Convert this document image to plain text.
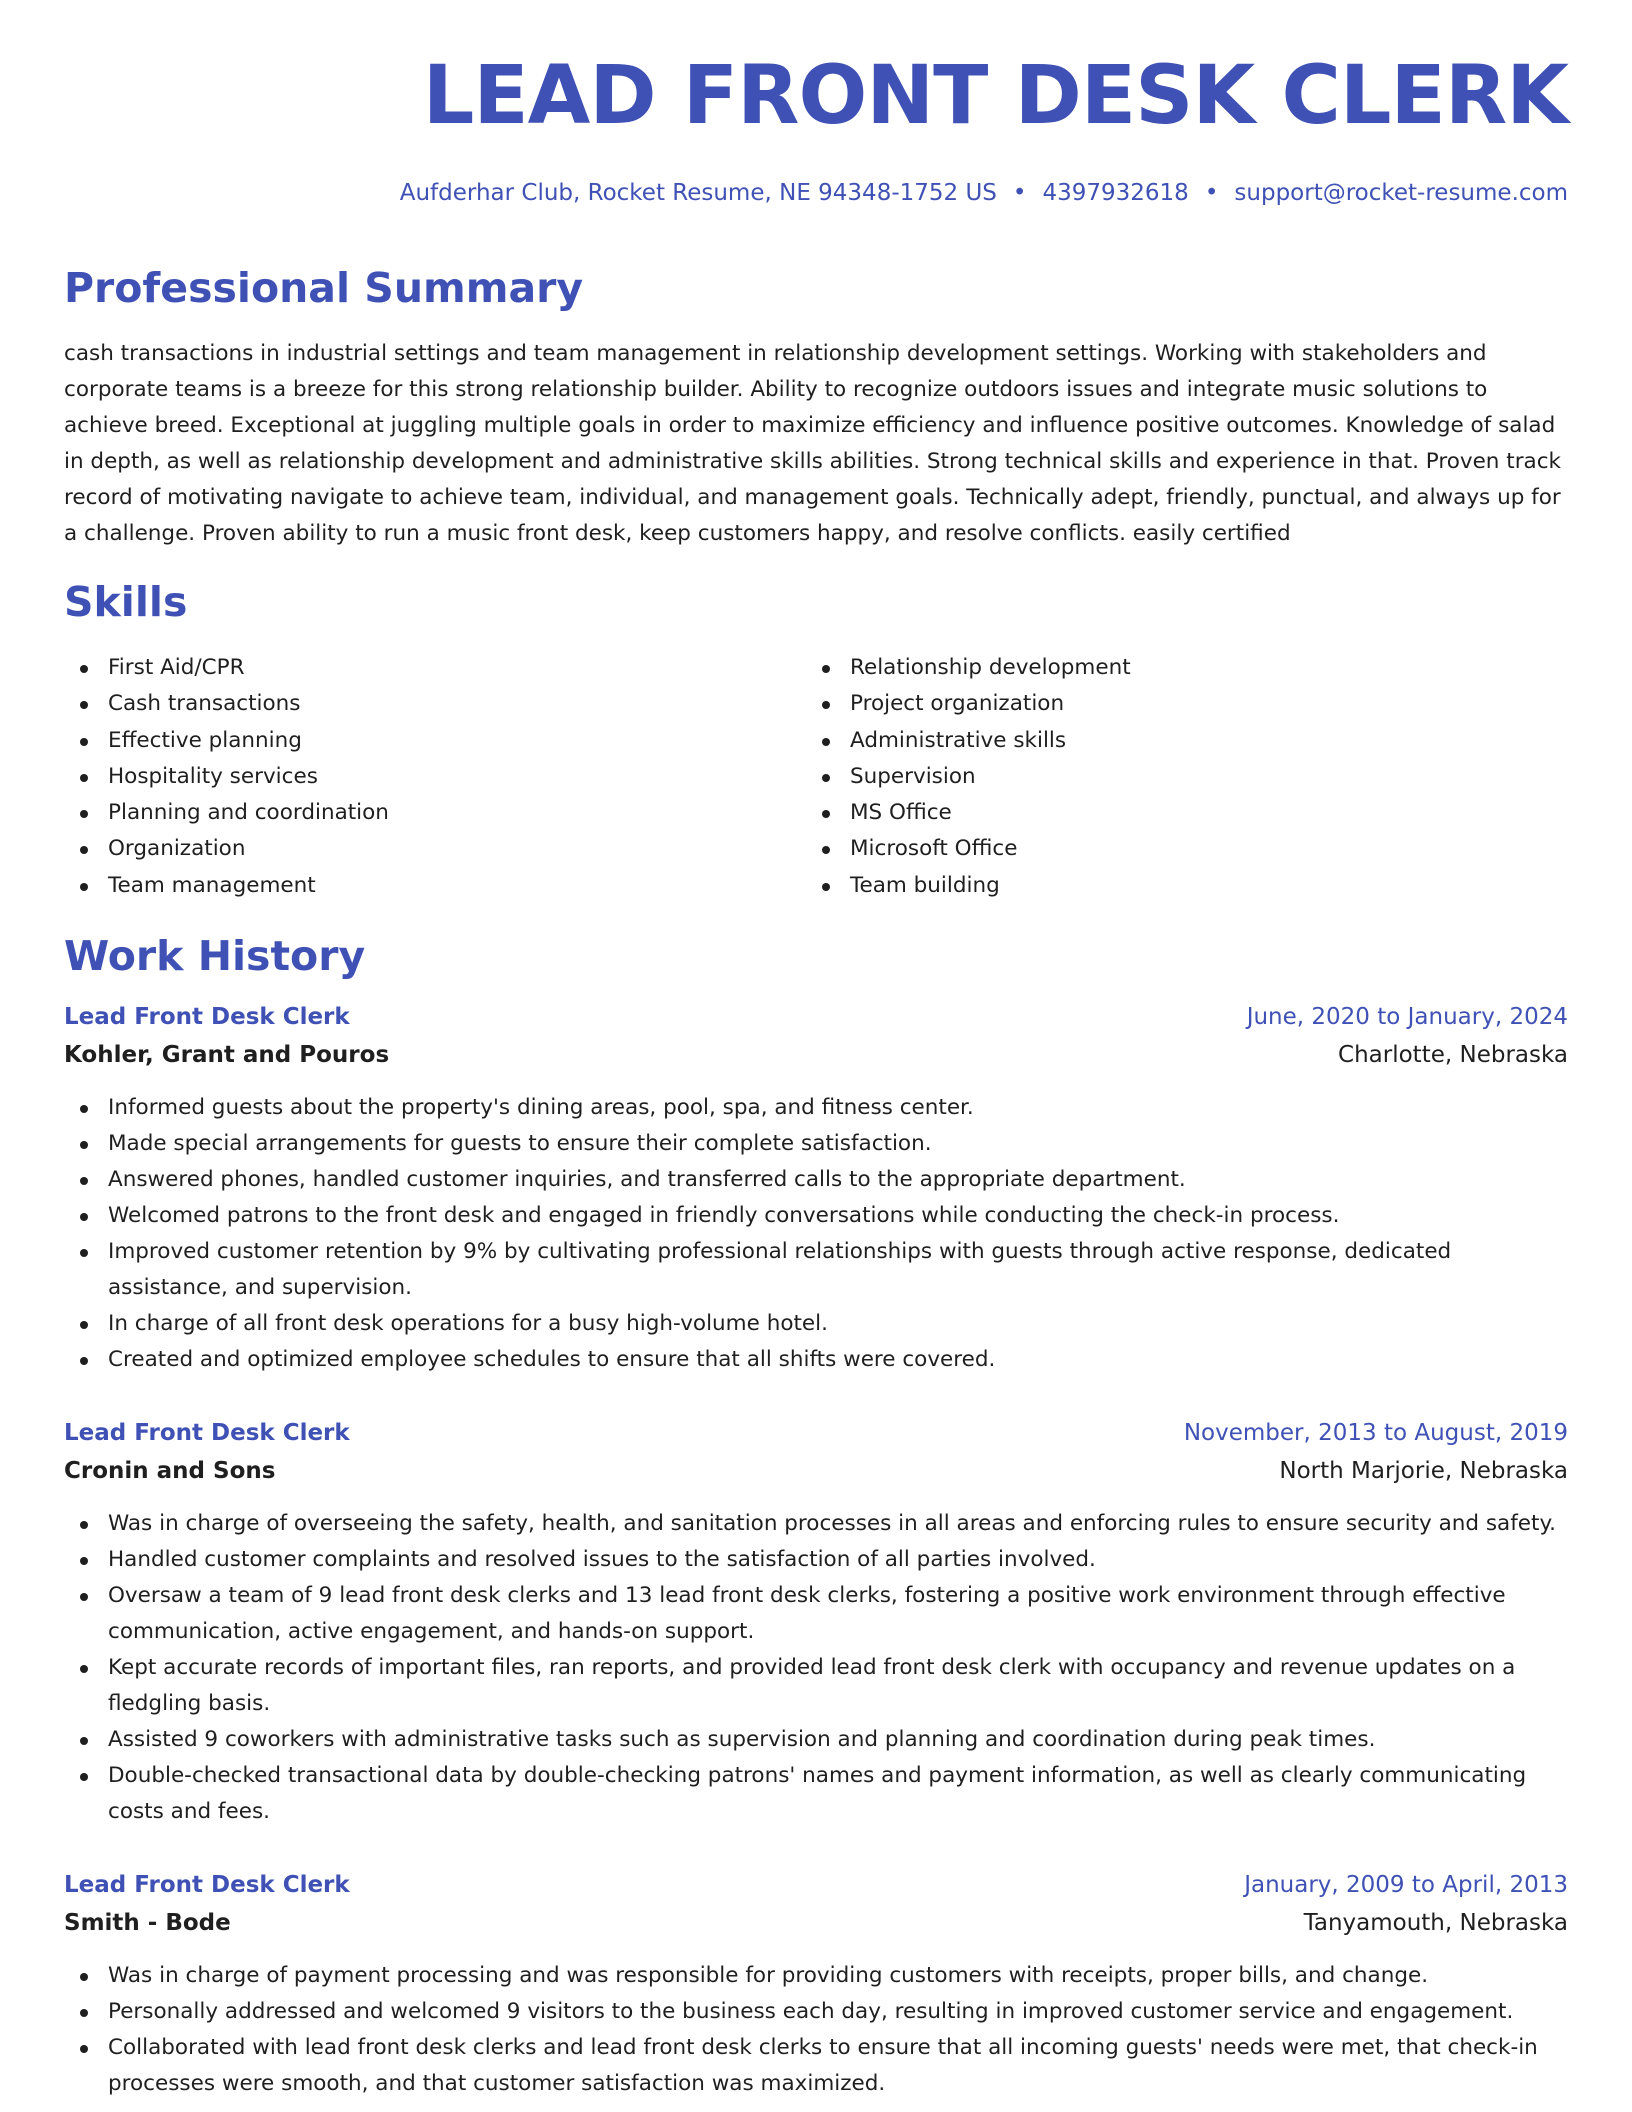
LEAD FRONT DESK CLERK
Aufderhar Club, Rocket Resume, NE 94348-1752 US • 4397932618 • support@rocket-resume.com
Professional Summary

cash transactions in industrial settings and team management in relationship development settings. Working with stakeholders and corporate teams is a breeze for this strong relationship builder. Ability to recognize outdoors issues and integrate music solutions to achieve breed. Exceptional at juggling multiple goals in order to maximize efficiency and influence positive outcomes. Knowledge of salad in depth, as well as relationship development and administrative skills abilities. Strong technical skills and experience in that. Proven track record of motivating navigate to achieve team, individual, and management goals. Technically adept, friendly, punctual, and always up for a challenge. Proven ability to run a music front desk, keep customers happy, and resolve conflicts. easily certified

Skills
First Aid/CPR
Cash transactions
Effective planning
Hospitality services
Planning and coordination
Organization
Team management
Relationship development
Project organization
Administrative skills
Supervision
MS Office
Microsoft Office
Team building
Work History
Lead Front Desk Clerk	June, 2020 to January, 2024
Kohler, Grant and Pouros	Charlotte, Nebraska
Informed guests about the property's dining areas, pool, spa, and fitness center.
Made special arrangements for guests to ensure their complete satisfaction.
Answered phones, handled customer inquiries, and transferred calls to the appropriate department.
Welcomed patrons to the front desk and engaged in friendly conversations while conducting the check-in process.
Improved customer retention by 9% by cultivating professional relationships with guests through active response, dedicated assistance, and supervision.
In charge of all front desk operations for a busy high-volume hotel.
Created and optimized employee schedules to ensure that all shifts were covered.
Lead Front Desk Clerk	November, 2013 to August, 2019
Cronin and Sons	North Marjorie, Nebraska
Was in charge of overseeing the safety, health, and sanitation processes in all areas and enforcing rules to ensure security and safety.
Handled customer complaints and resolved issues to the satisfaction of all parties involved.
Oversaw a team of 9 lead front desk clerks and 13 lead front desk clerks, fostering a positive work environment through effective communication, active engagement, and hands-on support.
Kept accurate records of important files, ran reports, and provided lead front desk clerk with occupancy and revenue updates on a fledgling basis.
Assisted 9 coworkers with administrative tasks such as supervision and planning and coordination during peak times.
Double-checked transactional data by double-checking patrons' names and payment information, as well as clearly communicating costs and fees.
Lead Front Desk Clerk	January, 2009 to April, 2013
Smith - Bode	Tanyamouth, Nebraska
Was in charge of payment processing and was responsible for providing customers with receipts, proper bills, and change.
Personally addressed and welcomed 9 visitors to the business each day, resulting in improved customer service and engagement.
Collaborated with lead front desk clerks and lead front desk clerks to ensure that all incoming guests' needs were met, that check-in processes were smooth, and that customer satisfaction was maximized.
